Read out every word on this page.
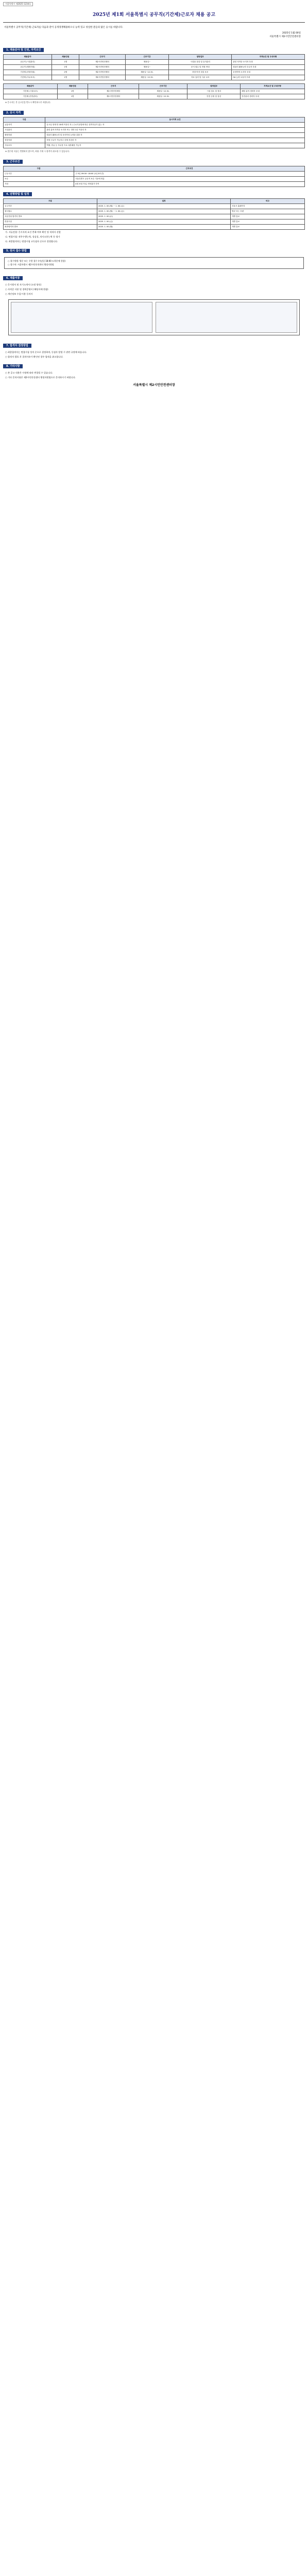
서울특별시 제2025-1234호
2025년 제1회 서울특별시 공무직(기간제)근로자 채용 공고
서울특별시 공무직(기간제) 근로자를 다음과 같이 공개경쟁채용하오니 능력 있고 성실한 분들의 많은 응시를 바랍니다.
2025년 1월 00일
서울특별시 제2시민안전센터장
1. 채용분야 및 인원, 자격요건
채용분야	채용인원	근무지	근무기간	담당업무	자격요건 및 우대사항
공무직 (시설관리)	1명	제2시민안전센터	채용일~	시설물 점검 및 유지관리	관련 자격증 소지자 우대
공무직 (행정지원)	1명	제2시민안전센터	채용일~	문서 접수 및 민원 안내	컴퓨터 활용능력 우수자 우대
기간제 (현장지원)	2명	제2시민안전센터	채용일~12.31.	현장 안전 점검 보조	운전면허 소지자 우대
기간제 (사무보조)	1명	제2시민안전센터	채용일~12.31.	자료 입력 및 사무 보조	OA 능력 보유자 우대
채용분야	채용인원	근무지	근무기간	담당업무	자격요건 및 우대사항
기간제 (시설보조)	1명	제2시민안전센터	채용일~12.31.	시설 청소 및 정리	해당 분야 경력자 우대
기간제 (안전관리)	1명	제2시민안전센터	채용일~12.31.	안전 순찰 및 점검	안전관리 경력자 우대
※ 응시자는 본 공고문을 반드시 확인하시기 바랍니다.
2. 응시 자격
구분	응시자격 요건
공통자격	공고일 현재 만 18세 이상인 자 / 근로기준법에 따른 결격사유가 없는 자
시설관리	관련 분야 자격증 소지자 또는 경력 1년 이상인 자
행정지원	컴퓨터 활용능력 및 문서작성 능력을 갖춘 자
현장지원	현장 근무가 가능하고 신체 건강한 자
사무보조	엑셀, 한글 등 사무용 프로그램 활용 가능자
※ 접수된 서류는 반환하지 않으며, 허위 기재 시 합격이 취소될 수 있습니다.
3. 근무조건
구분	근무조건
근무시간	주 5일 09:00~18:00 (1일 8시간)
보수	서울특별시 공무직 보수 기준에 따름
기타	4대 보험 가입, 연차휴가 부여
4. 전형방법 및 일정
구분	일정	비고
공고기간	2025. 1. 00.(월) ~ 1. 00.(금)	서울시 홈페이지
원서접수	2025. 1. 00.(월) ~ 1. 00.(금)	방문 또는 우편
서류전형 합격자 발표	2025. 1. 00.(수)	개별 통보
면접시험	2025. 1. 00.(금)	개별 통보
최종합격자 발표	2025. 1. 00.(월)	개별 통보
가. 서류전형: 응시자격 요건 충족 여부 확인 및 적격자 선발
나. 면접시험: 직무수행능력, 성실성, 의사소통능력 등 평가
다. 최종합격자는 면접시험 고득점자 순으로 결정합니다.
5. 원서 접수 방법
○ 접수방법: 방문 또는 우편 접수 (마감일 18:00 도착분에 한함)
○ 접수처: 서울특별시 제2시민안전센터 행정지원팀
6. 제출서류
○ 응시원서 및 자기소개서 (소정 양식)
○ 자격증 사본 및 경력증명서 (해당자에 한함)
○ 개인정보 수집·이용 동의서
7. 합격자 결정방법
○ 최종합격자는 면접시험 성적 순으로 결정하며, 동점자 발생 시 관련 규정에 따릅니다.
○ 합격자 발표 후 결격사유가 확인된 경우 합격을 취소합니다.
8. 기타사항
○ 본 공고 내용은 사정에 따라 변경될 수 있습니다.
○ 기타 문의사항은 제2시민안전센터 행정지원팀으로 문의하시기 바랍니다.
서울특별시 제2시민안전센터장
